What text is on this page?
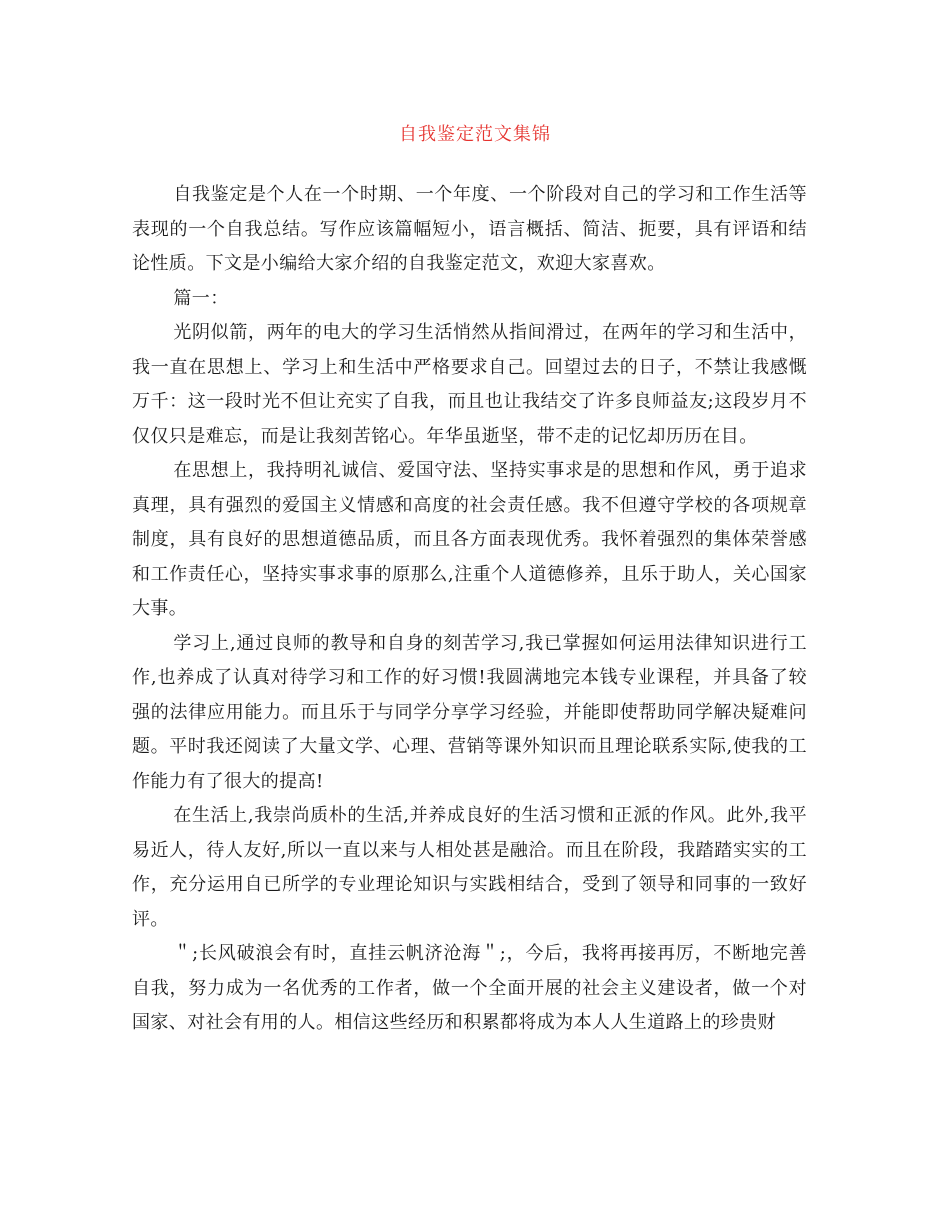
自我鉴定范文集锦

自我鉴定是个人在一个时期、一个年度、一个阶段对自己的学习和工作生活等表现的一个自我总结。写作应该篇幅短小，语言概括、简洁、扼要，具有评语和结论性质。下文是小编给大家介绍的自我鉴定范文，欢迎大家喜欢。

篇一：

光阴似箭，两年的电大的学习生活悄然从指间滑过，在两年的学习和生活中，我一直在思想上、学习上和生活中严格要求自己。回望过去的日子，不禁让我感慨万千：这一段时光不但让充实了自我，而且也让我结交了许多良师益友;这段岁月不仅仅只是难忘，而是让我刻苦铭心。年华虽逝坚，带不走的记忆却历历在目。

在思想上，我持明礼诚信、爱国守法、坚持实事求是的思想和作风，勇于追求真理，具有强烈的爱国主义情感和高度的社会责任感。我不但遵守学校的各项规章制度，具有良好的思想道德品质，而且各方面表现优秀。我怀着强烈的集体荣誉感和工作责任心，坚持实事求事的原那么,注重个人道德修养，且乐于助人，关心国家大事。

学习上,通过良师的教导和自身的刻苦学习,我已掌握如何运用法律知识进行工作,也养成了认真对待学习和工作的好习惯!我圆满地完本钱专业课程，并具备了较强的法律应用能力。而且乐于与同学分享学习经验，并能即使帮助同学解决疑难问题。平时我还阅读了大量文学、心理、营销等课外知识而且理论联系实际,使我的工作能力有了很大的提高!

在生活上,我崇尚质朴的生活,并养成良好的生活习惯和正派的作风。此外,我平易近人，待人友好,所以一直以来与人相处甚是融洽。而且在阶段，我踏踏实实的工作，充分运用自已所学的专业理论知识与实践相结合，受到了领导和同事的一致好评。

＂;长风破浪会有时，直挂云帆济沧海＂;，今后，我将再接再厉，不断地完善自我，努力成为一名优秀的工作者，做一个全面开展的社会主义建设者，做一个对国家、对社会有用的人。相信这些经历和积累都将成为本人人生道路上的珍贵财
